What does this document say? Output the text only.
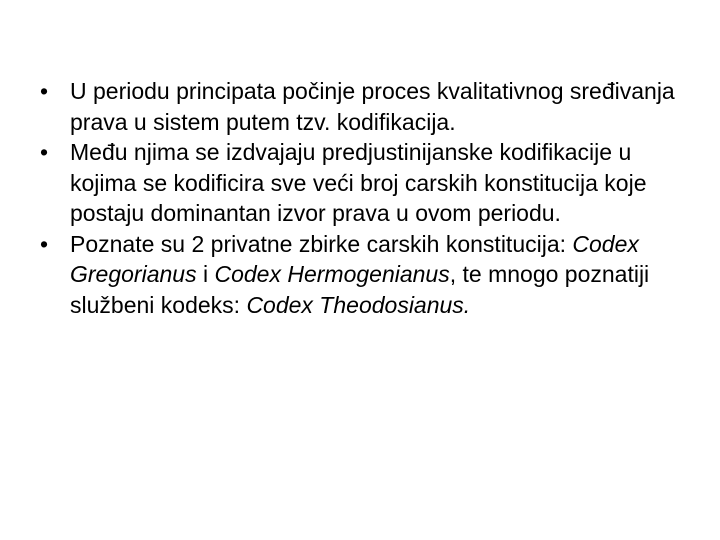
• U periodu principata počinje proces kvalitativnog sređivanja prava u sistem putem tzv. kodifikacija.
• Među njima se izdvajaju predjustinijanske kodifikacije u kojima se kodificira sve veći broj carskih konstitucija koje postaju dominantan izvor prava u ovom periodu.
• Poznate su 2 privatne zbirke carskih konstitucija: Codex Gregorianus i Codex Hermogenianus, te mnogo poznatiji službeni kodeks: Codex Theodosianus.
